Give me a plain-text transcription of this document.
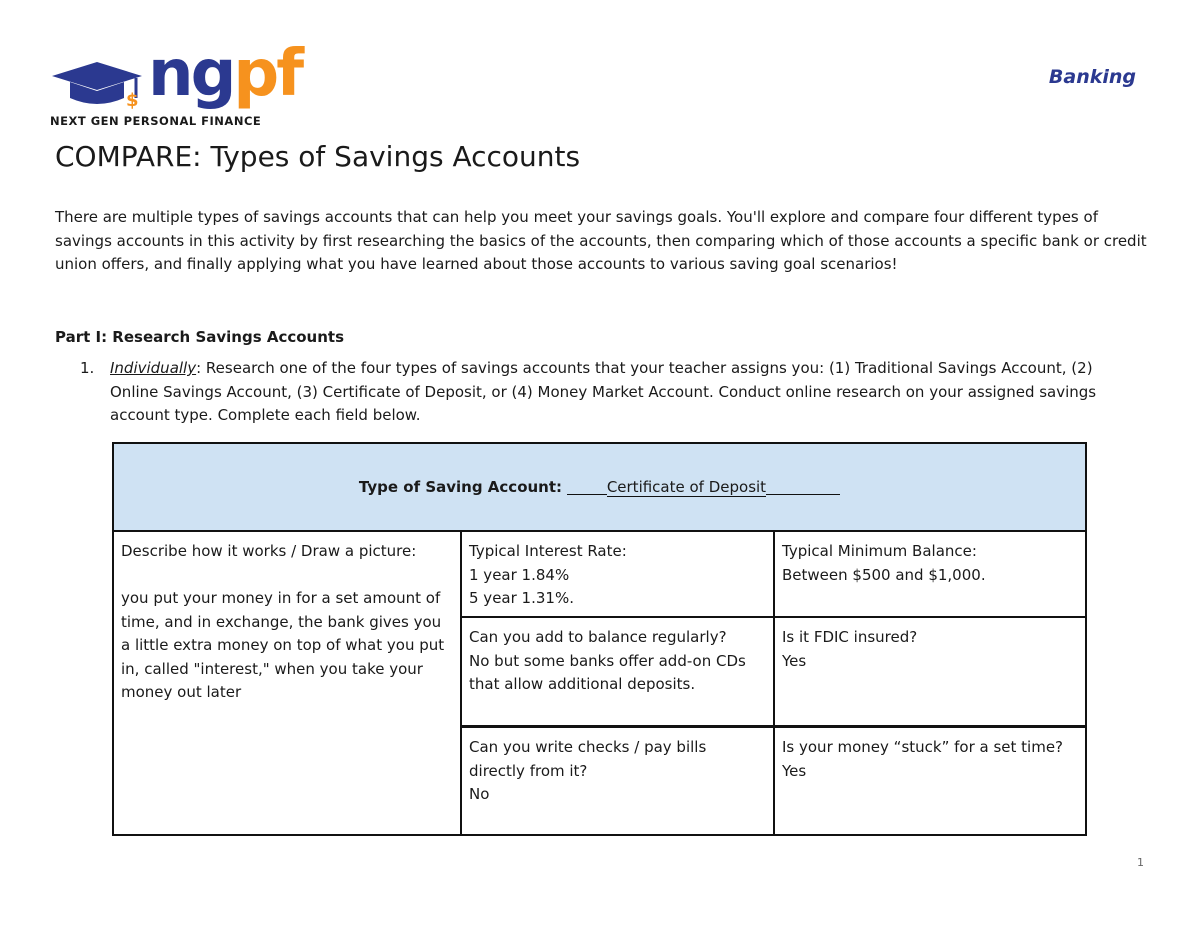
$ ngpf
NEXT GEN PERSONAL FINANCE
Banking
COMPARE: Types of Savings Accounts

There are multiple types of savings accounts that can help you meet your savings goals. You'll explore and compare four different types of savings accounts in this activity by first researching the basics of the accounts, then comparing which of those accounts a specific bank or credit union offers, and finally applying what you have learned about those accounts to various saving goal scenarios!

Part I: Research Savings Accounts
1.	Individually: Research one of the four types of savings accounts that your teacher assigns you: (1) Traditional Savings Account, (2) Online Savings Account, (3) Certificate of Deposit, or (4) Money Market Account. Conduct online research on your assigned savings account type. Complete each field below.
Type of Saving Account:
	Certificate of Deposit
Describe how it works / Draw a picture:
you put your money in for a set amount of time, and in exchange, the bank gives you a little extra money on top of what you put in, called "interest," when you take your money out later
Typical Interest Rate:
1 year 1.84%
5 year 1.31%.
Typical Minimum Balance:
Between $500 and $1,000.
Can you add to balance regularly?
No but some banks offer add-on CDs that allow additional deposits.
Is it FDIC insured?
Yes
Can you write checks / pay bills directly from it?
No
Is your money “stuck” for a set time?
Yes
1
